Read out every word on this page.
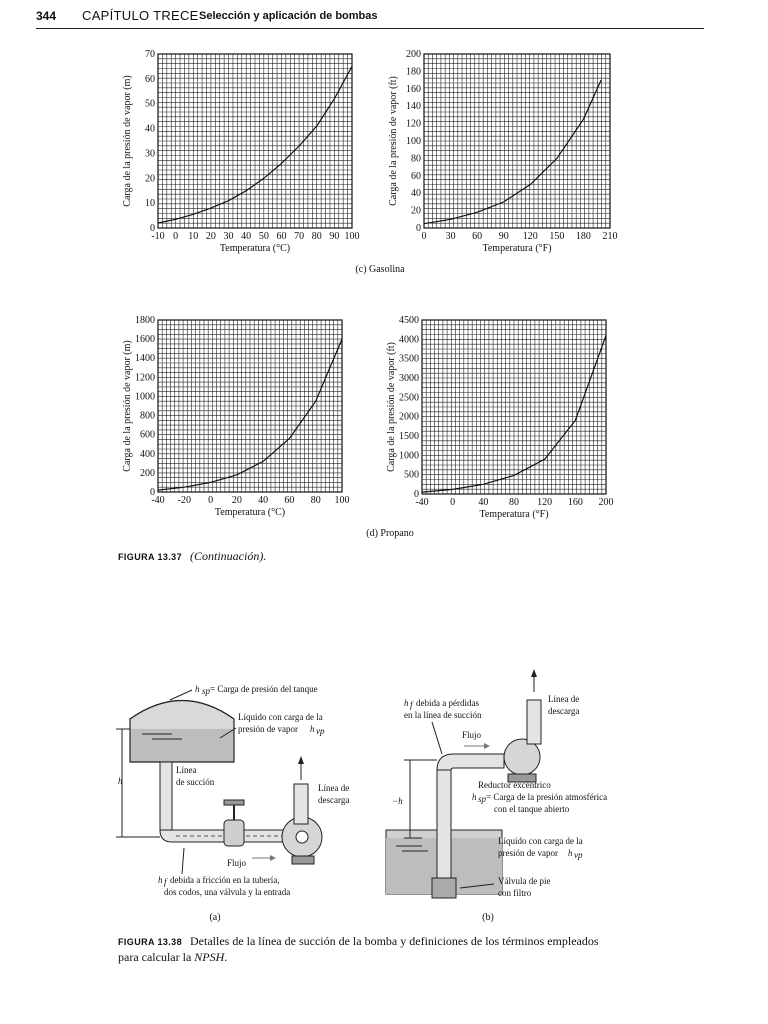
344 CAPÍTULO TRECE Selección y aplicación de bombas
-10 0 10 20 30 40 50 60 70 80 90 100
0
10
20
30
40
50
60
70
Temperatura (°C)
Carga de la presión de vapor (m)
0 30 60 90 120 150 180 210
0
20
40
60
80
100
120
140
160
180
200
Temperatura (°F)
Carga de la presión de vapor (ft)
(c) Gasolina
-40 -20 0 20 40 60 80 100
0
200
400
600
800
1000
1200
1400
1600
1800
Temperatura (°C)
Carga de la presión de vapor (m)
-40 0 40 80 120 160 200
0
500
1000
1500
2000
2500
3000
3500
4000
4500
Temperatura (°F)
Carga de la presión de vapor (ft)
(d) Propano
FIGURA 13.37 (Continuación).
h
h sp = Carga de presión del tanque
Líquido con carga de la
presión de vapor h vp
Línea
de succión
Línea de
descarga
Flujo
h f debida a fricción en la tubería,
dos codos, una válvula y la entrada
(a)
−h
h f debida a pérdidas
en la línea de succión
Flujo
Línea de
descarga
Reductor excéntrico
h sp = Carga de la presión atmosférica
con el tanque abierto
Líquido con carga de la
presión de vapor h vp
Válvula de pie
con filtro
(b)
FIGURA 13.38 Detalles de la línea de succión de la bomba y definiciones de los términos empleados
para calcular la NPSH.
